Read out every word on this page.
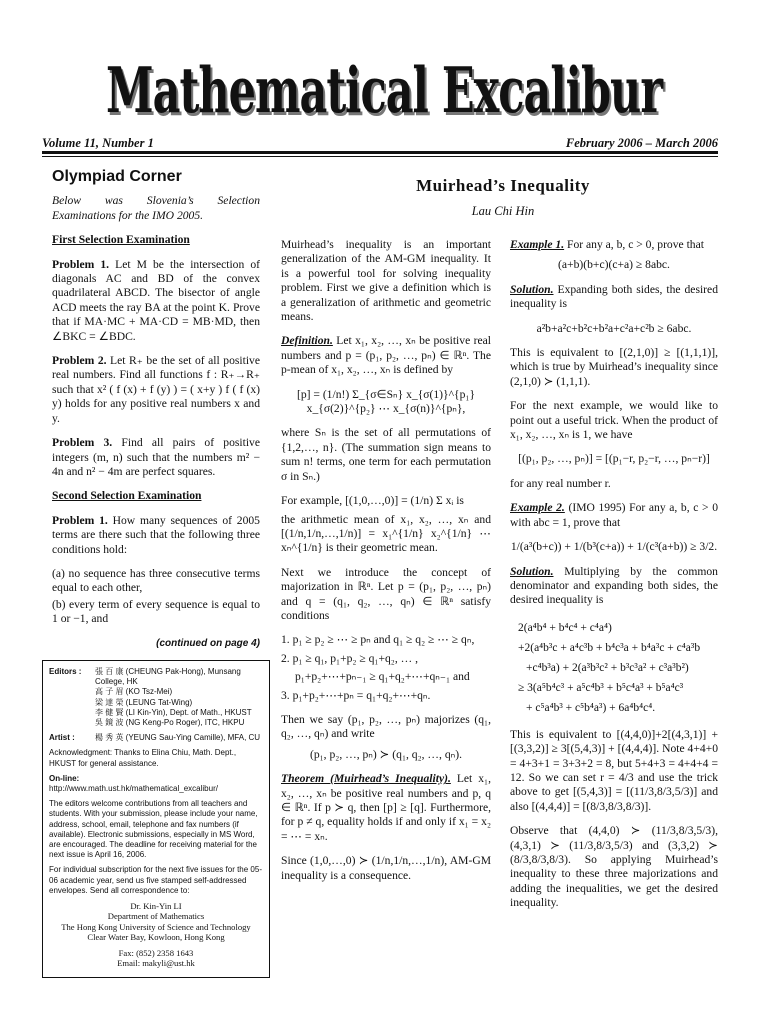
Mathematical Excalibur
Volume 11, Number 1	February 2006 – March 2006
Olympiad Corner

Below was Slovenia’s Selection Examinations for the IMO 2005.

First Selection Examination

Problem 1. Let M be the intersection of diagonals AC and BD of the convex quadrilateral ABCD. The bisector of angle ACD meets the ray BA at the point K. Prove that if MA·MC + MA·CD = MB·MD, then ∠BKC = ∠BDC.

Problem 2. Let R₊ be the set of all positive real numbers. Find all functions f : R₊→R₊ such that x² ( f (x) + f (y) ) = ( x+y ) f ( f (x) y) holds for any positive real numbers x and y.

Problem 3. Find all pairs of positive integers (m, n) such that the numbers m² − 4n and n² − 4m are perfect squares.

Second Selection Examination

Problem 1. How many sequences of 2005 terms are there such that the following three conditions hold:

(a) no sequence has three consecutive terms equal to each other,

(b) every term of every sequence is equal to 1 or −1, and

(continued on page 4)

Editors :	張 百 康 (CHEUNG Pak-Hong), Munsang College, HK
高 子 眉 (KO Tsz-Mei)
梁 達 榮 (LEUNG Tat-Wing)
李 健 賢 (LI Kin-Yin), Dept. of Math., HKUST
吳 鏡 波 (NG Keng-Po Roger), ITC, HKPU
Artist :	楊 秀 英 (YEUNG Sau-Ying Camille), MFA, CU
Acknowledgment: Thanks to Elina Chiu, Math. Dept., HKUST for general assistance.
On-line:
http://www.math.ust.hk/mathematical_excalibur/
The editors welcome contributions from all teachers and students. With your submission, please include your name, address, school, email, telephone and fax numbers (if available). Electronic submissions, especially in MS Word, are encouraged. The deadline for receiving material for the next issue is April 16, 2006.
For individual subscription for the next five issues for the 05-06 academic year, send us five stamped self-addressed envelopes. Send all correspondence to:
Dr. Kin-Yin LI
Department of Mathematics
The Hong Kong University of Science and Technology
Clear Water Bay, Kowloon, Hong Kong
Fax: (852) 2358 1643
Email: makyli@ust.hk
Muirhead’s Inequality
Lau Chi Hin

Muirhead’s inequality is an important generalization of the AM-GM inequality. It is a powerful tool for solving inequality problem. First we give a definition which is a generalization of arithmetic and geometric means.

Definition. Let x₁, x₂, …, xₙ be positive real numbers and p = (p₁, p₂, …, pₙ) ∈ ℝⁿ. The p-mean of x₁, x₂, …, xₙ is defined by

[p] = (1/n!) Σ_{σ∈Sₙ} x_{σ(1)}^{p₁} x_{σ(2)}^{p₂} ⋯ x_{σ(n)}^{pₙ},

where Sₙ is the set of all permutations of {1,2,…, n}. (The summation sign means to sum n! terms, one term for each permutation σ in Sₙ.)

For example, [(1,0,…,0)] = (1/n) Σ xᵢ is

the arithmetic mean of x₁, x₂, …, xₙ and [(1/n,1/n,…,1/n)] = x₁^{1/n} x₂^{1/n} ⋯ xₙ^{1/n} is their geometric mean.

Next we introduce the concept of majorization in ℝⁿ. Let p = (p₁, p₂, …, pₙ) and q = (q₁, q₂, …, qₙ) ∈ ℝⁿ satisfy conditions

1. p₁ ≥ p₂ ≥ ⋯ ≥ pₙ and q₁ ≥ q₂ ≥ ⋯ ≥ qₙ,

2. p₁ ≥ q₁, p₁+p₂ ≥ q₁+q₂, … ,

p₁+p₂+⋯+pₙ₋₁ ≥ q₁+q₂+⋯+qₙ₋₁ and

3. p₁+p₂+⋯+pₙ = q₁+q₂+⋯+qₙ.

Then we say (p₁, p₂, …, pₙ) majorizes (q₁, q₂, …, qₙ) and write

(p₁, p₂, …, pₙ) ≻ (q₁, q₂, …, qₙ).

Theorem (Muirhead’s Inequality). Let x₁, x₂, …, xₙ be positive real numbers and p, q ∈ ℝⁿ. If p ≻ q, then [p] ≥ [q]. Furthermore, for p ≠ q, equality holds if and only if x₁ = x₂ = ⋯ = xₙ.

Since (1,0,…,0) ≻ (1/n,1/n,…,1/n), AM-GM inequality is a consequence.

Example 1. For any a, b, c > 0, prove that

(a+b)(b+c)(c+a) ≥ 8abc.

Solution. Expanding both sides, the desired inequality is

a²b+a²c+b²c+b²a+c²a+c²b ≥ 6abc.

This is equivalent to [(2,1,0)] ≥ [(1,1,1)], which is true by Muirhead’s inequality since (2,1,0) ≻ (1,1,1).

For the next example, we would like to point out a useful trick. When the product of x₁, x₂, …, xₙ is 1, we have

[(p₁, p₂, …, pₙ)] = [(p₁−r, p₂−r, …, pₙ−r)]

for any real number r.

Example 2. (IMO 1995) For any a, b, c > 0 with abc = 1, prove that

1/(a³(b+c)) + 1/(b³(c+a)) + 1/(c³(a+b)) ≥ 3/2.

Solution. Multiplying by the common denominator and expanding both sides, the desired inequality is

2(a⁴b⁴ + b⁴c⁴ + c⁴a⁴)
+2(a⁴b³c + a⁴c³b + b⁴c³a + b⁴a³c + c⁴a³b
+c⁴b³a) + 2(a³b³c² + b³c³a² + c³a³b²)
≥ 3(a⁵b⁴c³ + a⁵c⁴b³ + b⁵c⁴a³ + b⁵a⁴c³
+ c⁵a⁴b³ + c⁵b⁴a³) + 6a⁴b⁴c⁴.

This is equivalent to [(4,4,0)]+2[(4,3,1)] + [(3,3,2)] ≥ 3[(5,4,3)] + [(4,4,4)]. Note 4+4+0 = 4+3+1 = 3+3+2 = 8, but 5+4+3 = 4+4+4 = 12. So we can set r = 4/3 and use the trick above to get [(5,4,3)] = [(11/3,8/3,5/3)] and also [(4,4,4)] = [(8/3,8/3,8/3)].

Observe that (4,4,0) ≻ (11/3,8/3,5/3), (4,3,1) ≻ (11/3,8/3,5/3) and (3,3,2) ≻ (8/3,8/3,8/3). So applying Muirhead’s inequality to these three majorizations and adding the inequalities, we get the desired inequality.
